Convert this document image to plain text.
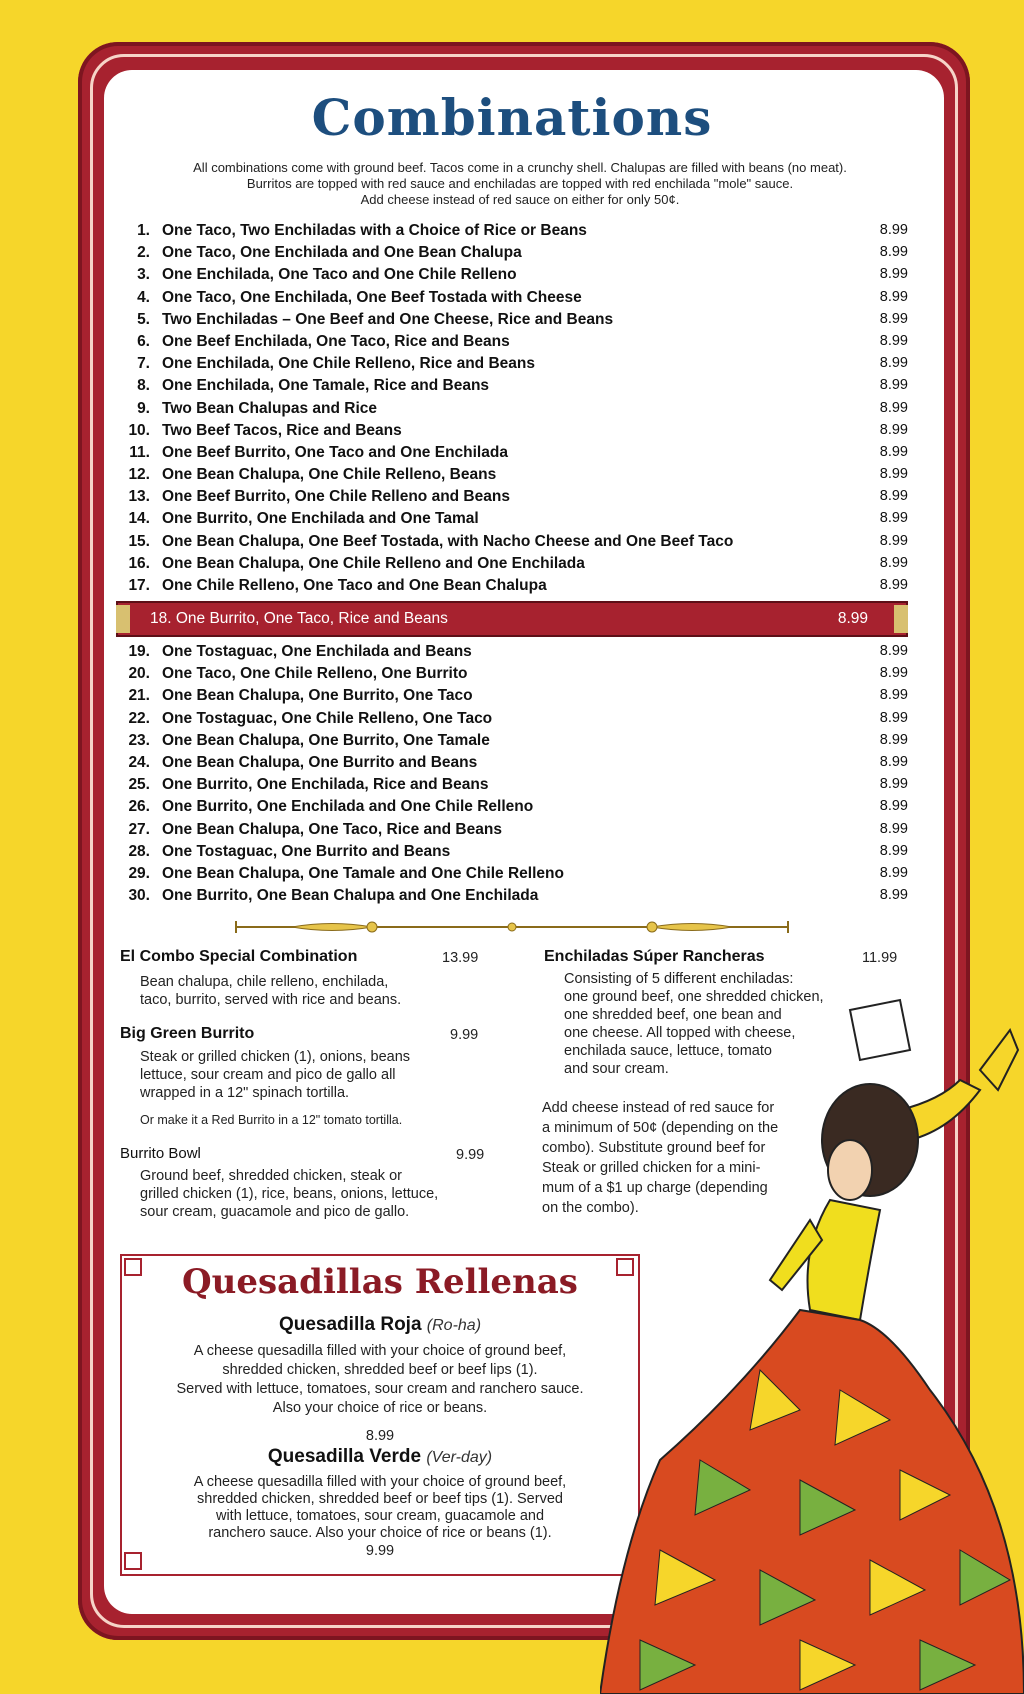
Combinations
All combinations come with ground beef. Tacos come in a crunchy shell. Chalupas are filled with beans (no meat).
Burritos are topped with red sauce and enchiladas are topped with red enchilada "mole" sauce.
Add cheese instead of red sauce on either for only 50¢.
1. One Taco, Two Enchiladas with a Choice of Rice or Beans	8.99
2. One Taco, One Enchilada and One Bean Chalupa	8.99
3. One Enchilada, One Taco and One Chile Relleno	8.99
4. One Taco, One Enchilada, One Beef Tostada with Cheese	8.99
5. Two Enchiladas – One Beef and One Cheese, Rice and Beans	8.99
6. One Beef Enchilada, One Taco, Rice and Beans	8.99
7. One Enchilada, One Chile Relleno, Rice and Beans	8.99
8. One Enchilada, One Tamale, Rice and Beans	8.99
9. Two Bean Chalupas and Rice	8.99
10. Two Beef Tacos, Rice and Beans	8.99
11. One Beef Burrito, One Taco and One Enchilada	8.99
12. One Bean Chalupa, One Chile Relleno, Beans	8.99
13. One Beef Burrito, One Chile Relleno and Beans	8.99
14. One Burrito, One Enchilada and One Tamal	8.99
15. One Bean Chalupa, One Beef Tostada, with Nacho Cheese and One Beef Taco	8.99
16. One Bean Chalupa, One Chile Relleno and One Enchilada	8.99
17. One Chile Relleno, One Taco and One Bean Chalupa	8.99
18. One Burrito, One Taco, Rice and Beans	8.99
19. One Tostaguac, One Enchilada and Beans	8.99
20. One Taco, One Chile Relleno, One Burrito	8.99
21. One Bean Chalupa, One Burrito, One Taco	8.99
22. One Tostaguac, One Chile Relleno, One Taco	8.99
23. One Bean Chalupa, One Burrito, One Tamale	8.99
24. One Bean Chalupa, One Burrito and Beans	8.99
25. One Burrito, One Enchilada, Rice and Beans	8.99
26. One Burrito, One Enchilada and One Chile Relleno	8.99
27. One Bean Chalupa, One Taco, Rice and Beans	8.99
28. One Tostaguac, One Burrito and Beans	8.99
29. One Bean Chalupa, One Tamale and One Chile Relleno	8.99
30. One Burrito, One Bean Chalupa and One Enchilada	8.99
El Combo Special Combination	13.99
Bean chalupa, chile relleno, enchilada,
taco, burrito, served with rice and beans.
Big Green Burrito	9.99
Steak or grilled chicken (1), onions, beans
lettuce, sour cream and pico de gallo all
wrapped in a 12" spinach tortilla.
Or make it a Red Burrito in a 12" tomato tortilla.
Burrito Bowl	9.99
Ground beef, shredded chicken, steak or
grilled chicken (1), rice, beans, onions, lettuce,
sour cream, guacamole and pico de gallo.
Enchiladas Súper Rancheras	11.99
Consisting of 5 different enchiladas:
one ground beef, one shredded chicken,
one shredded beef, one bean and
one cheese. All topped with cheese,
enchilada sauce, lettuce, tomato
and sour cream.
Add cheese instead of red sauce for
a minimum of 50¢ (depending on the
combo). Substitute ground beef for
Steak or grilled chicken for a mini-
mum of a $1 up charge (depending
on the combo).
Quesadillas Rellenas
Quesadilla Roja (Ro-ha)
A cheese quesadilla filled with your choice of ground beef,
shredded chicken, shredded beef or beef lips (1).
Served with lettuce, tomatoes, sour cream and ranchero sauce.
Also your choice of rice or beans.
8.99
Quesadilla Verde (Ver-day)
A cheese quesadilla filled with your choice of ground beef,
shredded chicken, shredded beef or beef tips (1). Served
with lettuce, tomatoes, sour cream, guacamole and
ranchero sauce. Also your choice of rice or beans (1).
9.99
